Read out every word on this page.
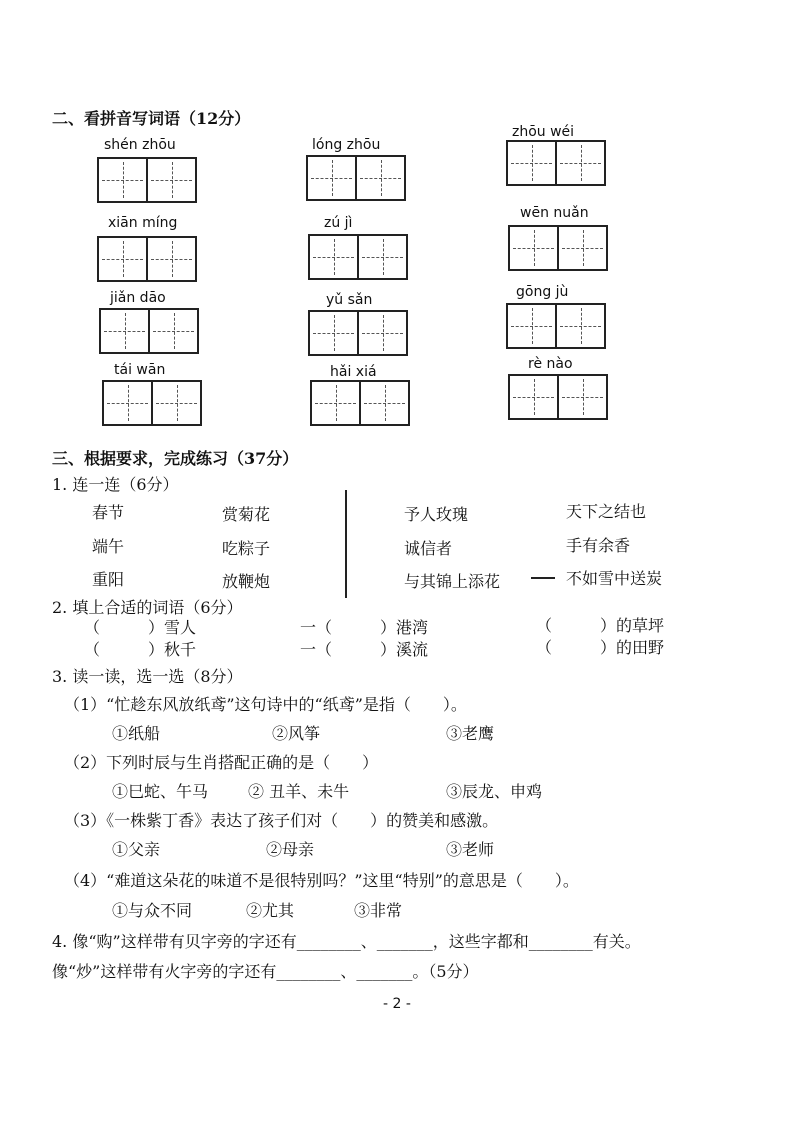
二、看拼音写词语（12分）
shén zhōu
xiān míng
jiǎn dāo
tái wān
lóng zhōu
zú jì
yǔ sǎn
hǎi xiá
zhōu wéi
wēn nuǎn
gōng jù
rè nào
三、根据要求，完成练习（37分）
1. 连一连（6分）
春节
端午
重阳
赏菊花
吃粽子
放鞭炮
予人玫瑰
诚信者
与其锦上添花
天下之结也
手有余香
不如雪中送炭
2. 填上合适的词语（6分）
（　　　）雪人	一（　　　）港湾	（　　　）的草坪
（　　　）秋千	一（　　　）溪流	（　　　）的田野
3. 读一读，选一选（8分）
（1）“忙趁东风放纸鸢”这句诗中的“纸鸢”是指（　　）。
①纸船	②风筝	③老鹰
（2）下列时辰与生肖搭配正确的是（　　）
①巳蛇、午马 ② 丑羊、未牛	③辰龙、申鸡
（3）《一株紫丁香》表达了孩子们对（　　）的赞美和感激。
①父亲	②母亲	③老师
（4）“难道这朵花的味道不是很特别吗？”这里“特别”的意思是（　　）。
①与众不同	②尤其	③非常
4. 像“购”这样带有贝字旁的字还有________、_______，这些字都和________有关。
像“炒”这样带有火字旁的字还有________、_______。（5分）
- 2 -
